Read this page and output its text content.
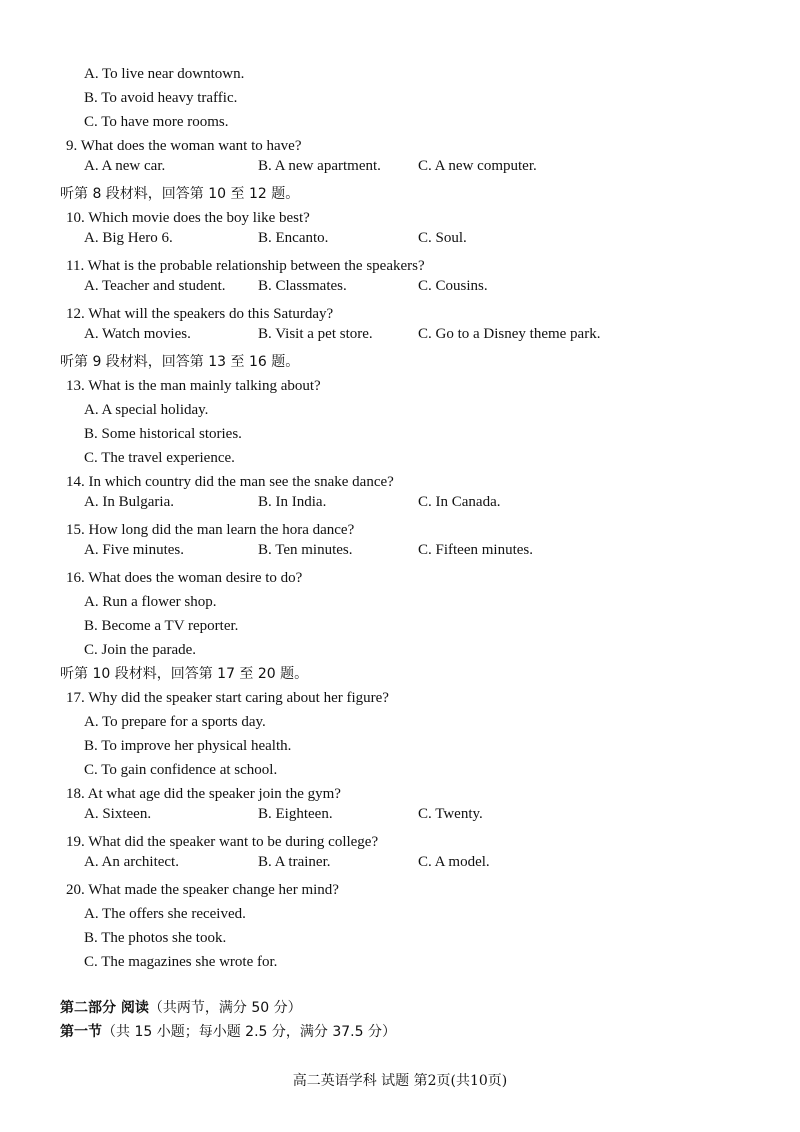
A. To live near downtown.
B. To avoid heavy traffic.
C. To have more rooms.
9. What does the woman want to have?
A. A new car.	B. A new apartment. C. A new computer.
听第 8 段材料，回答第 10 至 12 题。
10. Which movie does the boy like best?
A. Big Hero 6.	B. Encanto.	C. Soul.
11. What is the probable relationship between the speakers?
A. Teacher and student. B. Classmates.	C. Cousins.
12. What will the speakers do this Saturday?
A. Watch movies.	B. Visit a pet store.	C. Go to a Disney theme park.
听第 9 段材料，回答第 13 至 16 题。
13. What is the man mainly talking about?
A. A special holiday.
B. Some historical stories.
C. The travel experience.
14. In which country did the man see the snake dance?
A. In Bulgaria.	B. In India.	C. In Canada.
15. How long did the man learn the hora dance?
A. Five minutes.	B. Ten minutes.	C. Fifteen minutes.
16. What does the woman desire to do?
A. Run a flower shop.
B. Become a TV reporter.
C. Join the parade.
听第 10 段材料，回答第 17 至 20 题。
17. Why did the speaker start caring about her figure?
A. To prepare for a sports day.
B. To improve her physical health.
C. To gain confidence at school.
18. At what age did the speaker join the gym?
A. Sixteen.	B. Eighteen.	C. Twenty.
19. What did the speaker want to be during college?
A. An architect.	B. A trainer.	C. A model.
20. What made the speaker change her mind?
A. The offers she received.
B. The photos she took.
C. The magazines she wrote for.
第二部分 阅读（共两节，满分 50 分）
第一节（共 15 小题；每小题 2.5 分，满分 37.5 分）
高二英语学科 试题 第2页(共10页)
